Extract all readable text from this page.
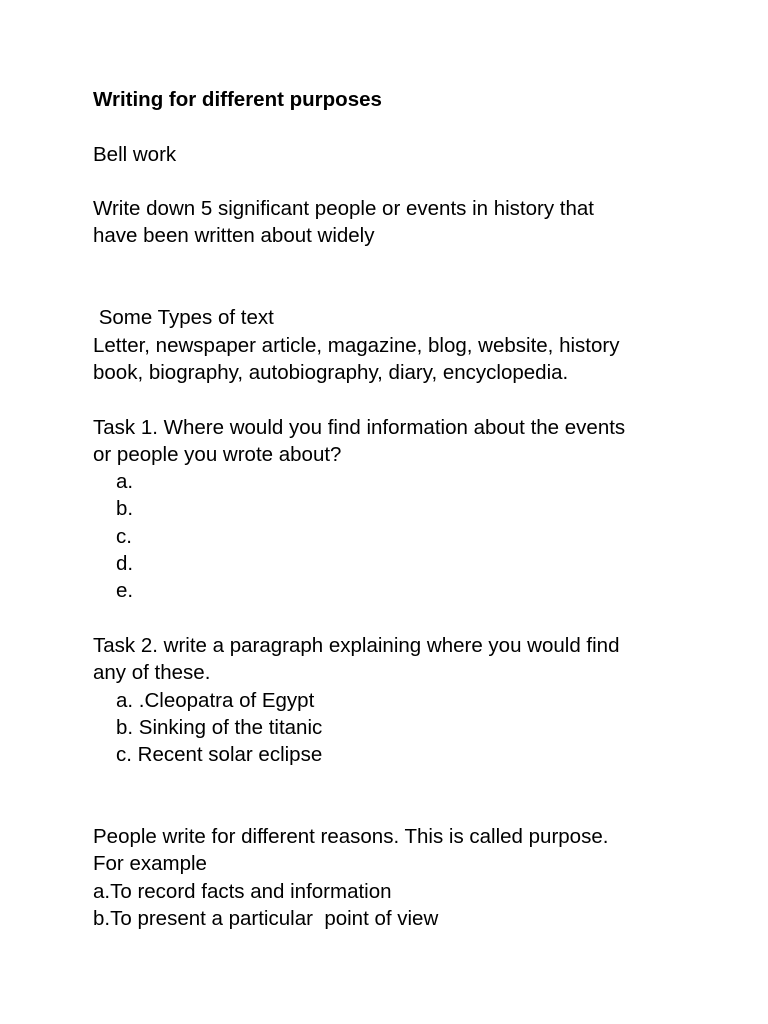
Writing for different purposes
Bell work
Write down 5 significant people or events in history that
have been written about widely
Some Types of text
Letter, newspaper article, magazine, blog, website, history
book, biography, autobiography, diary, encyclopedia.
Task 1. Where would you find information about the events
or people you wrote about?
a.
b.
c.
d.
e.
Task 2. write a paragraph explaining where you would find
any of these.
a. .Cleopatra of Egypt
b. Sinking of the titanic
c. Recent solar eclipse
People write for different reasons. This is called purpose.
For example
a.To record facts and information
b.To present a particular  point of view
